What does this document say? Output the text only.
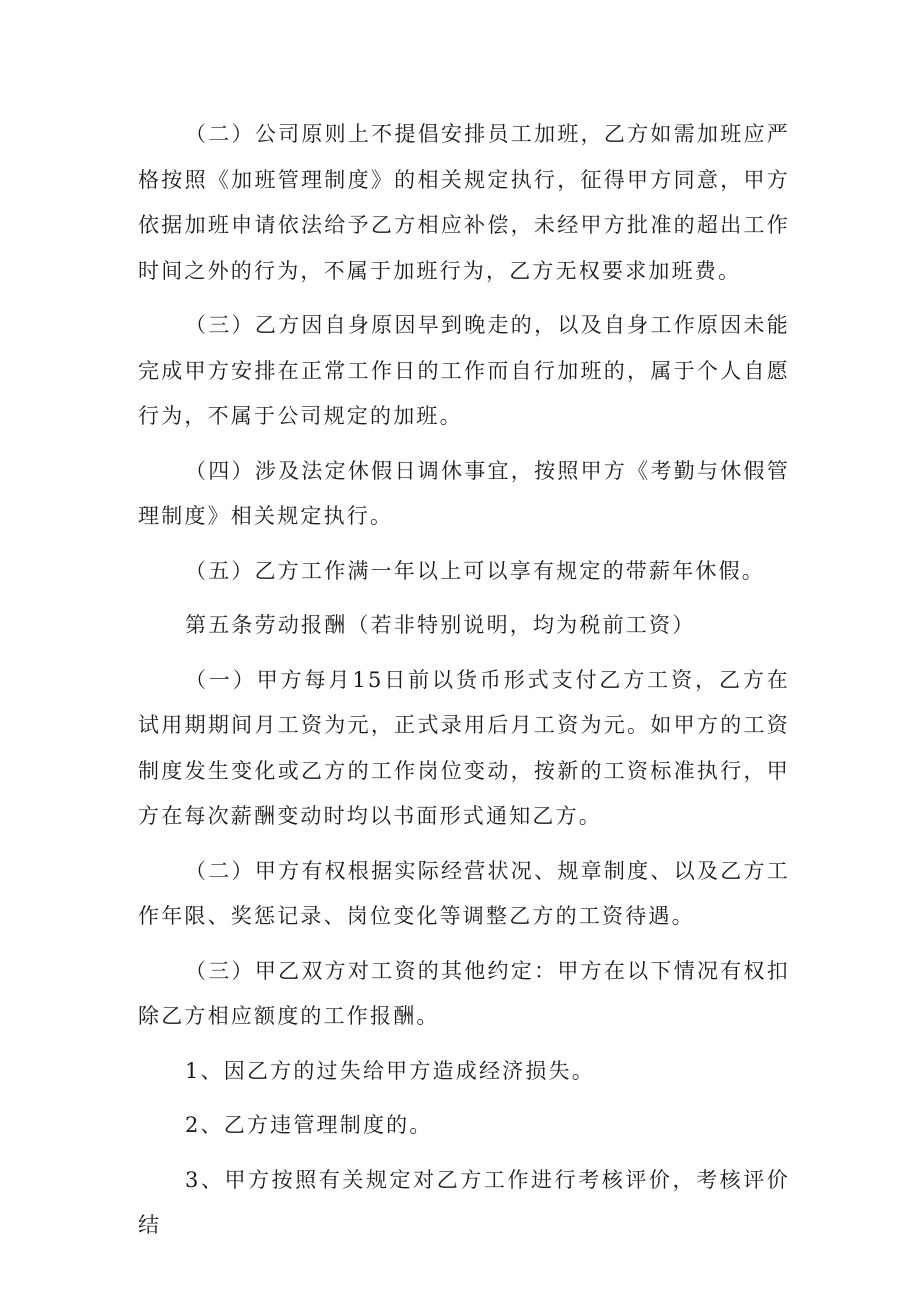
（二）公司原则上不提倡安排员工加班，乙方如需加班应严格按照《加班管理制度》的相关规定执行，征得甲方同意，甲方依据加班申请依法给予乙方相应补偿，未经甲方批准的超出工作时间之外的行为，不属于加班行为，乙方无权要求加班费。

（三）乙方因自身原因早到晚走的，以及自身工作原因未能完成甲方安排在正常工作日的工作而自行加班的，属于个人自愿行为，不属于公司规定的加班。

（四）涉及法定休假日调休事宜，按照甲方《考勤与休假管理制度》相关规定执行。

（五）乙方工作满一年以上可以享有规定的带薪年休假。

第五条劳动报酬（若非特别说明，均为税前工资）

（一）甲方每月15日前以货币形式支付乙方工资，乙方在试用期期间月工资为元，正式录用后月工资为元。如甲方的工资制度发生变化或乙方的工作岗位变动，按新的工资标准执行，甲方在每次薪酬变动时均以书面形式通知乙方。

（二）甲方有权根据实际经营状况、规章制度、以及乙方工作年限、奖惩记录、岗位变化等调整乙方的工资待遇。

（三）甲乙双方对工资的其他约定：甲方在以下情况有权扣除乙方相应额度的工作报酬。

1、因乙方的过失给甲方造成经济损失。

2、乙方违管理制度的。

3、甲方按照有关规定对乙方工作进行考核评价，考核评价结
